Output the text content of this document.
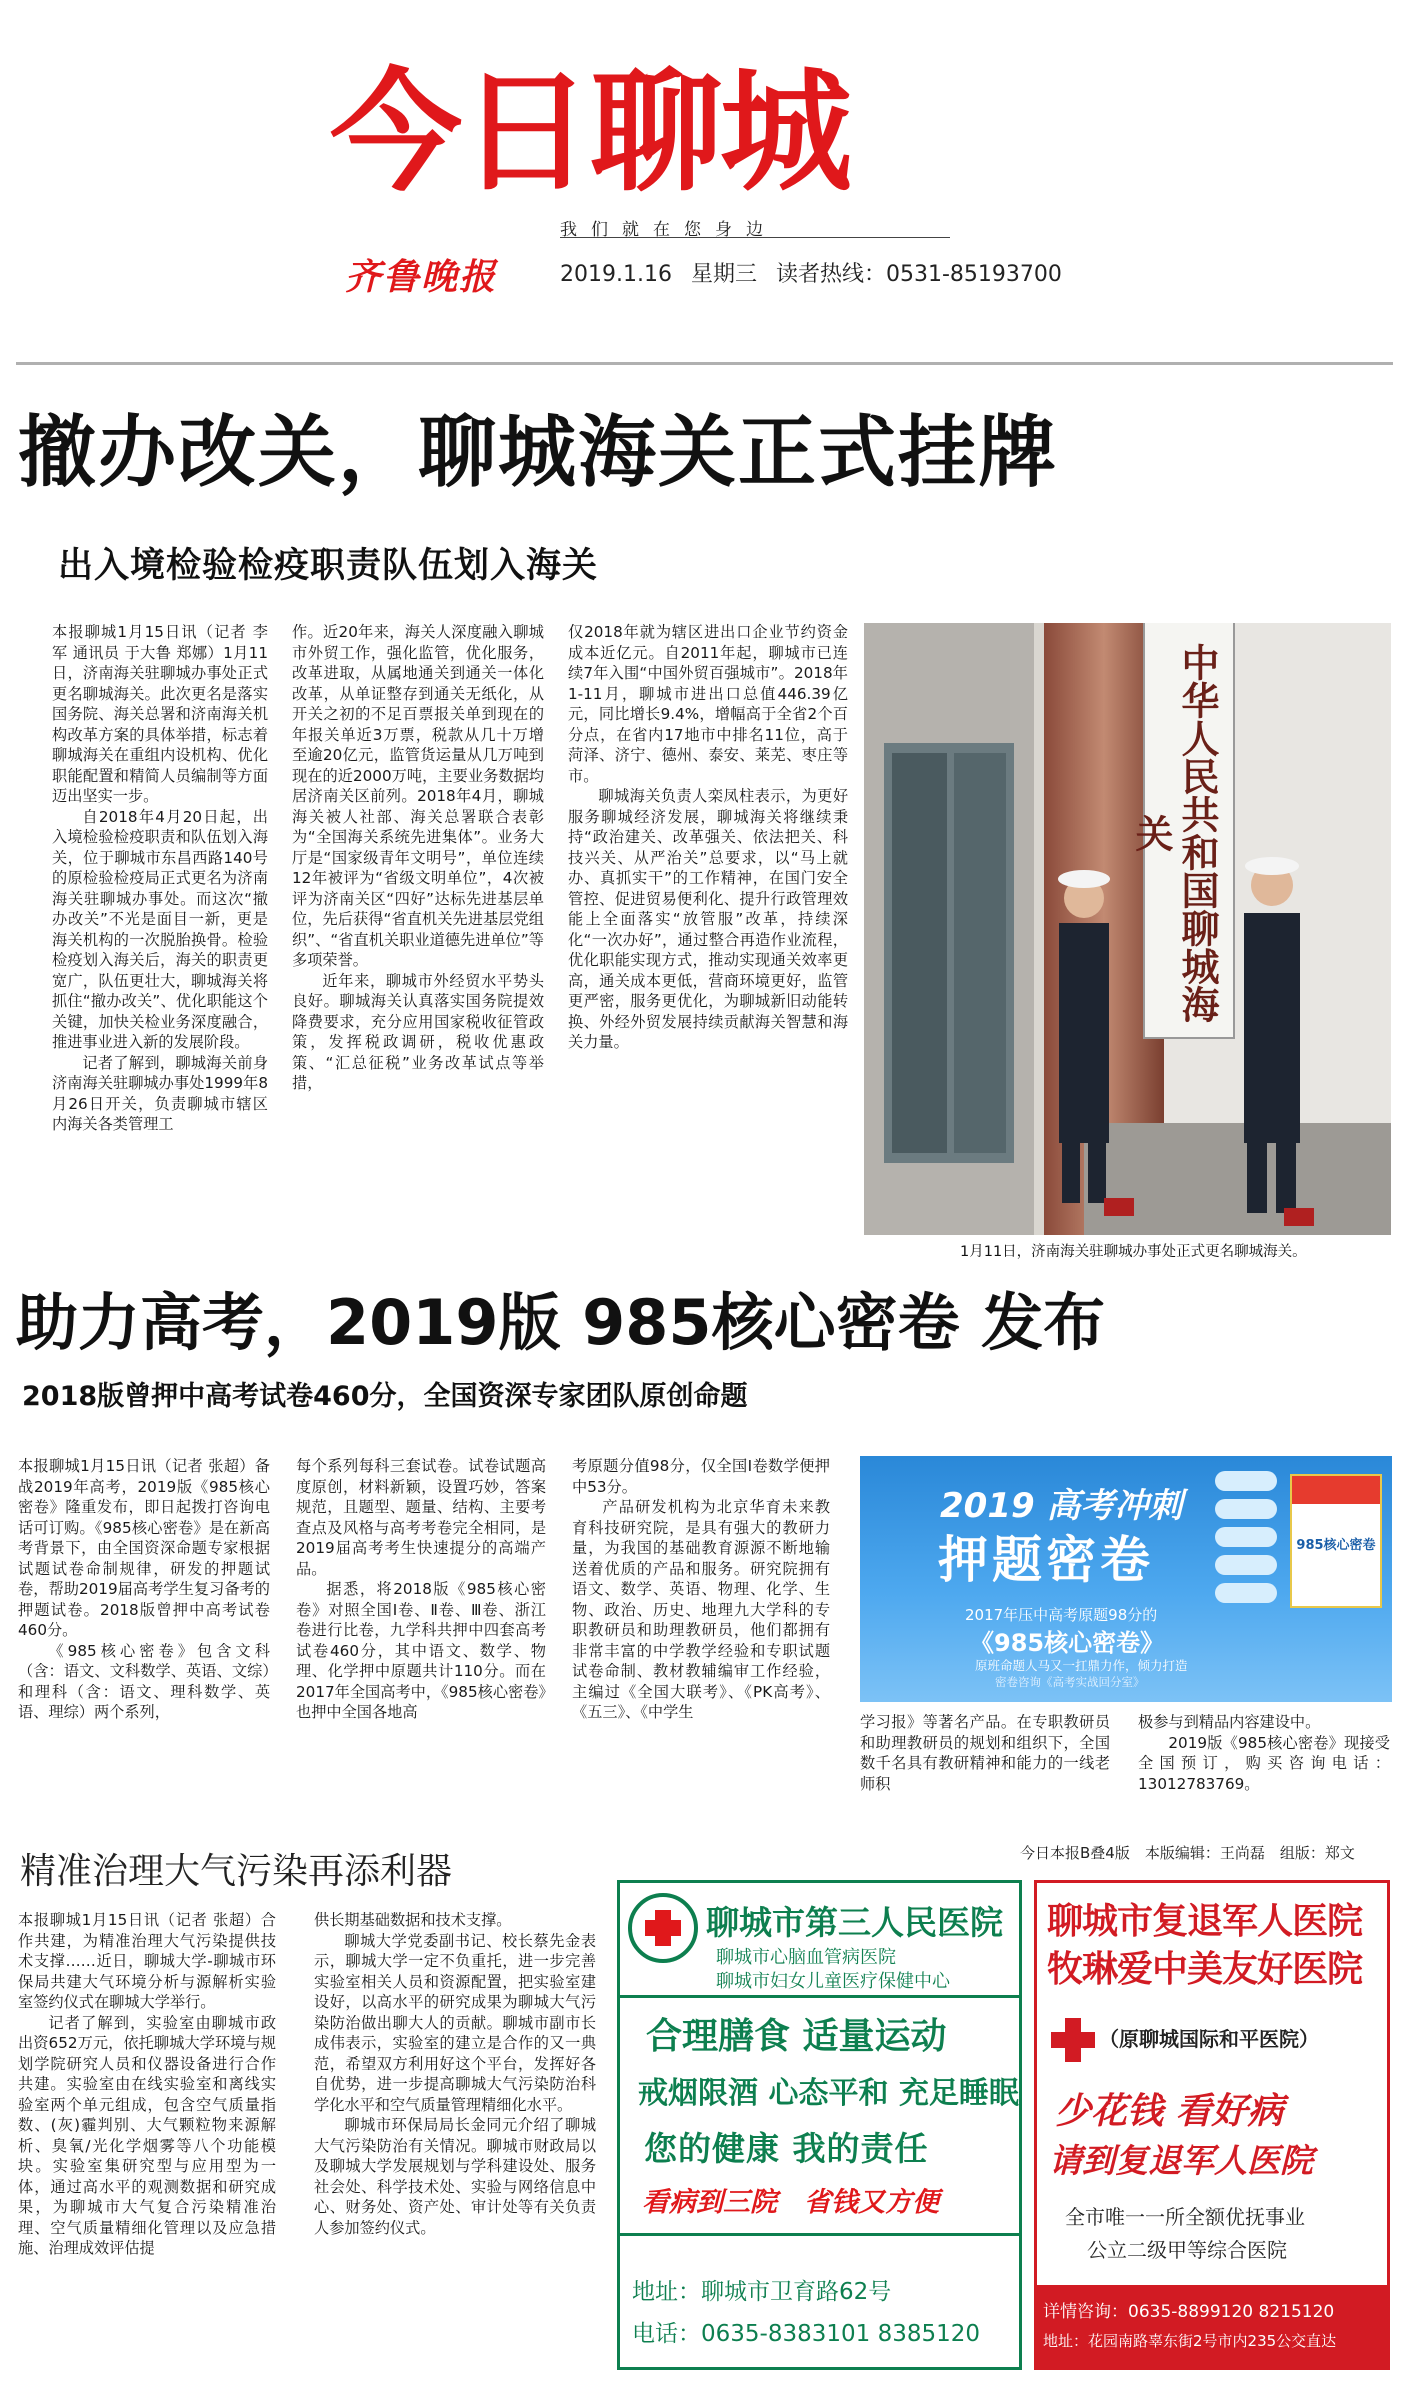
今日聊城
我们就在您身边
齐鲁晚报	2019.1.16 星期三 读者热线：0531-85193700
撤办改关，聊城海关正式挂牌
出入境检验检疫职责队伍划入海关

本报聊城1月15日讯（记者 李军 通讯员 于大鲁 郑娜）1月11日，济南海关驻聊城办事处正式更名聊城海关。此次更名是落实国务院、海关总署和济南海关机构改革方案的具体举措，标志着聊城海关在重组内设机构、优化职能配置和精简人员编制等方面迈出坚实一步。

自2018年4月20日起，出入境检验检疫职责和队伍划入海关，位于聊城市东昌西路140号的原检验检疫局正式更名为济南海关驻聊城办事处。而这次“撤办改关”不光是面目一新，更是海关机构的一次脱胎换骨。检验检疫划入海关后，海关的职责更宽广，队伍更壮大，聊城海关将抓住“撤办改关”、优化职能这个关键，加快关检业务深度融合，推进事业进入新的发展阶段。

记者了解到，聊城海关前身济南海关驻聊城办事处1999年8月26日开关，负责聊城市辖区内海关各类管理工

作。近20年来，海关人深度融入聊城市外贸工作，强化监管，优化服务，改革进取，从属地通关到通关一体化改革，从单证整存到通关无纸化，从开关之初的不足百票报关单到现在的年报关单近3万票，税款从几十万增至逾20亿元，监管货运量从几万吨到现在的近2000万吨，主要业务数据均居济南关区前列。2018年4月，聊城海关被人社部、海关总署联合表彰为“全国海关系统先进集体”。业务大厅是“国家级青年文明号”，单位连续12年被评为“省级文明单位”，4次被评为济南关区“四好”达标先进基层单位，先后获得“省直机关先进基层党组织”、“省直机关职业道德先进单位”等多项荣誉。

近年来，聊城市外经贸水平势头良好。聊城海关认真落实国务院提效降费要求，充分应用国家税收征管政策，发挥税政调研，税收优惠政策、“汇总征税”业务改革试点等举措，

仅2018年就为辖区进出口企业节约资金成本近亿元。自2011年起，聊城市已连续7年入围“中国外贸百强城市”。2018年1-11月，聊城市进出口总值446.39亿元，同比增长9.4%，增幅高于全省2个百分点，在省内17地市中排名11位，高于菏泽、济宁、德州、泰安、莱芜、枣庄等市。

聊城海关负责人栾凤柱表示，为更好服务聊城经济发展，聊城海关将继续秉持“政治建关、改革强关、依法把关、科技兴关、从严治关”总要求，以“马上就办、真抓实干”的工作精神，在国门安全管控、促进贸易便利化、提升行政管理效能上全面落实“放管服”改革，持续深化“一次办好”，通过整合再造作业流程，优化职能实现方式，推动实现通关效率更高，通关成本更低，营商环境更好，监管更严密，服务更优化，为聊城新旧动能转换、外经外贸发展持续贡献海关智慧和海关力量。

中华人民共和国聊城海关
1月11日，济南海关驻聊城办事处正式更名聊城海关。
助力高考，2019版 985核心密卷 发布
2018版曾押中高考试卷460分，全国资深专家团队原创命题

本报聊城1月15日讯（记者 张超）备战2019年高考，2019版《985核心密卷》隆重发布，即日起拨打咨询电话可订购。《985核心密卷》是在新高考背景下，由全国资深命题专家根据试题试卷命制规律，研发的押题试卷，帮助2019届高考学生复习备考的押题试卷。2018版曾押中高考试卷460分。

《985核心密卷》包含文科（含：语文、文科数学、英语、文综）和理科（含：语文、理科数学、英语、理综）两个系列，

每个系列每科三套试卷。试卷试题高度原创，材料新颖，设置巧妙，答案规范，且题型、题量、结构、主要考查点及风格与高考考卷完全相同，是2019届高考考生快速提分的高端产品。

据悉，将2018版《985核心密卷》对照全国Ⅰ卷、Ⅱ卷、Ⅲ卷、浙江卷进行比卷，九学科共押中四套高考试卷460分，其中语文、数学、物理、化学押中原题共计110分。而在2017年全国高考中，《985核心密卷》也押中全国各地高

考原题分值98分，仅全国Ⅰ卷数学便押中53分。

产品研发机构为北京华育未来教育科技研究院，是具有强大的教研力量，为我国的基础教育源源不断地输送着优质的产品和服务。研究院拥有语文、数学、英语、物理、化学、生物、政治、历史、地理九大学科的专职教研员和助理教研员，他们都拥有非常丰富的中学教学经验和专职试题试卷命制、教材教辅编审工作经验，主编过《全国大联考》、《PK高考》、《五三》、《中学生

2019 高考冲刺
押题密卷
2017年压中高考原题98分的
《985核心密卷》
原班命题人马又一扛鼎力作，倾力打造
密卷咨询《高考实战回分室》
985核心密卷

学习报》等著名产品。在专职教研员和助理教研员的规划和组织下，全国数千名具有教研精神和能力的一线老师积

极参与到精品内容建设中。

2019版《985核心密卷》现接受全国预订，购买咨询电话：13012783769。

精准治理大气污染再添利器	今日本报B叠4版　本版编辑：王尚磊　组版：郑文

本报聊城1月15日讯（记者 张超）合作共建，为精准治理大气污染提供技术支撑……近日，聊城大学-聊城市环保局共建大气环境分析与源解析实验室签约仪式在聊城大学举行。

记者了解到，实验室由聊城市政出资652万元，依托聊城大学环境与规划学院研究人员和仪器设备进行合作共建。实验室由在线实验室和离线实验室两个单元组成，包含空气质量指数、(灰)霾判别、大气颗粒物来源解析、臭氧/光化学烟雾等八个功能模块。实验室集研究型与应用型为一体，通过高水平的观测数据和研究成果，为聊城市大气复合污染精准治理、空气质量精细化管理以及应急措施、治理成效评估提

供长期基础数据和技术支撑。

聊城大学党委副书记、校长蔡先金表示，聊城大学一定不负重托，进一步完善实验室相关人员和资源配置，把实验室建设好，以高水平的研究成果为聊城大气污染防治做出聊大人的贡献。聊城市副市长成伟表示，实验室的建立是合作的又一典范，希望双方利用好这个平台，发挥好各自优势，进一步提高聊城大气污染防治科学化水平和空气质量管理精细化水平。

聊城市环保局局长金同元介绍了聊城大气污染防治有关情况。聊城市财政局以及聊城大学发展规划与学科建设处、服务社会处、科学技术处、实验与网络信息中心、财务处、资产处、审计处等有关负责人参加签约仪式。

聊城市第三人民医院
聊城市心脑血管病医院
聊城市妇女儿童医疗保健中心
合理膳食 适量运动
戒烟限酒 心态平和 充足睡眠
您的健康 我的责任
看病到三院　省钱又方便
地址：聊城市卫育路62号
电话：0635-8383101 8385120
聊城市复退军人医院
牧琳爱中美友好医院
（原聊城国际和平医院）
少花钱 看好病
请到复退军人医院
全市唯一一所全额优抚事业
公立二级甲等综合医院
详情咨询：0635-8899120 8215120
地址：花园南路辜东街2号市内235公交直达
